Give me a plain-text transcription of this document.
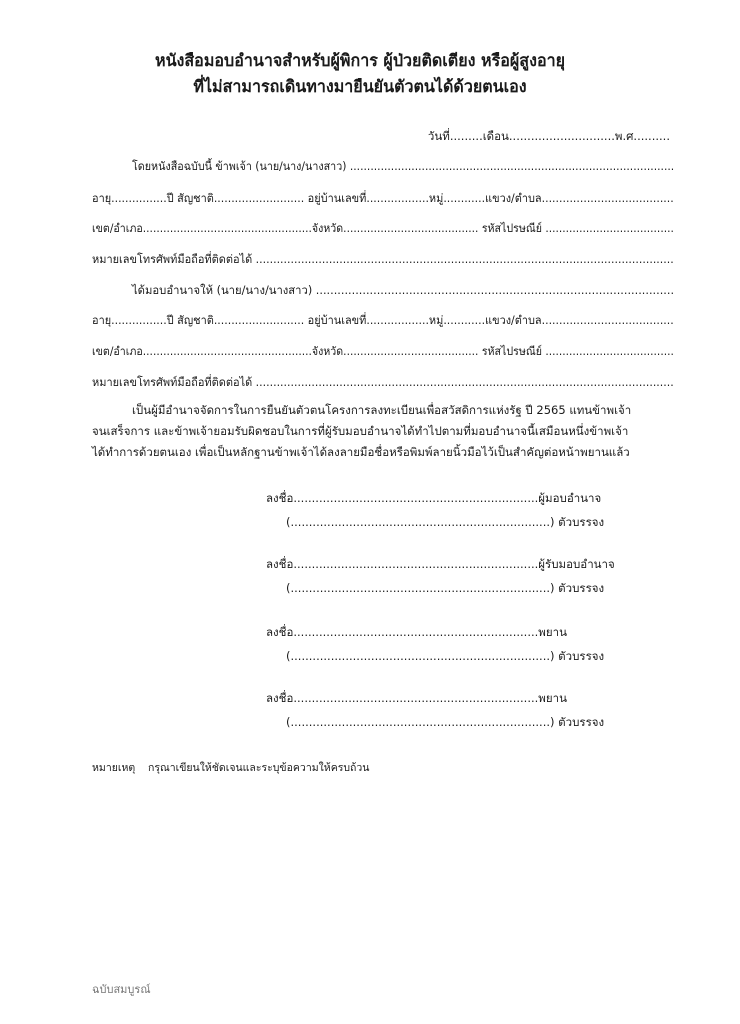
หนังสือมอบอำนาจสำหรับผู้พิการ ผู้ป่วยติดเตียง หรือผู้สูงอายุ
ที่ไม่สามารถเดินทางมายืนยันตัวตนได้ด้วยตนเอง
วันที่.........เดือน.............................พ.ศ..........
โดยหนังสือฉบับนี้ ข้าพเจ้า (นาย/นาง/นางสาว) ...............................................................................................
อายุ................ปี สัญชาติ.......................... อยู่บ้านเลขที่..................หมู่............แขวง/ตำบล......................................
เขต/อำเภอ..................................................จังหวัด........................................ รหัสไปรษณีย์ ......................................
หมายเลขโทรศัพท์มือถือที่ติดต่อได้ ........................................................................................................................
ได้มอบอำนาจให้ (นาย/นาง/นางสาว) ....................................................................................................
อายุ................ปี สัญชาติ.......................... อยู่บ้านเลขที่..................หมู่............แขวง/ตำบล......................................
เขต/อำเภอ..................................................จังหวัด........................................ รหัสไปรษณีย์ ......................................
หมายเลขโทรศัพท์มือถือที่ติดต่อได้ ........................................................................................................................
เป็นผู้มีอำนาจจัดการในการยืนยันตัวตนโครงการลงทะเบียนเพื่อสวัสดิการแห่งรัฐ ปี 2565 แทนข้าพเจ้า
จนเสร็จการ และข้าพเจ้ายอมรับผิดชอบในการที่ผู้รับมอบอำนาจได้ทำไปตามที่มอบอำนาจนี้เสมือนหนึ่งข้าพเจ้า
ได้ทำการด้วยตนเอง เพื่อเป็นหลักฐานข้าพเจ้าได้ลงลายมือชื่อหรือพิมพ์ลายนิ้วมือไว้เป็นสำคัญต่อหน้าพยานแล้ว
ลงชื่อ...................................................................ผู้มอบอำนาจ
(.......................................................................) ตัวบรรจง
ลงชื่อ...................................................................ผู้รับมอบอำนาจ
(.......................................................................) ตัวบรรจง
ลงชื่อ...................................................................พยาน
(.......................................................................) ตัวบรรจง
ลงชื่อ...................................................................พยาน
(.......................................................................) ตัวบรรจง
หมายเหตุ กรุณาเขียนให้ชัดเจนและระบุข้อความให้ครบถ้วน
ฉบับสมบูรณ์
